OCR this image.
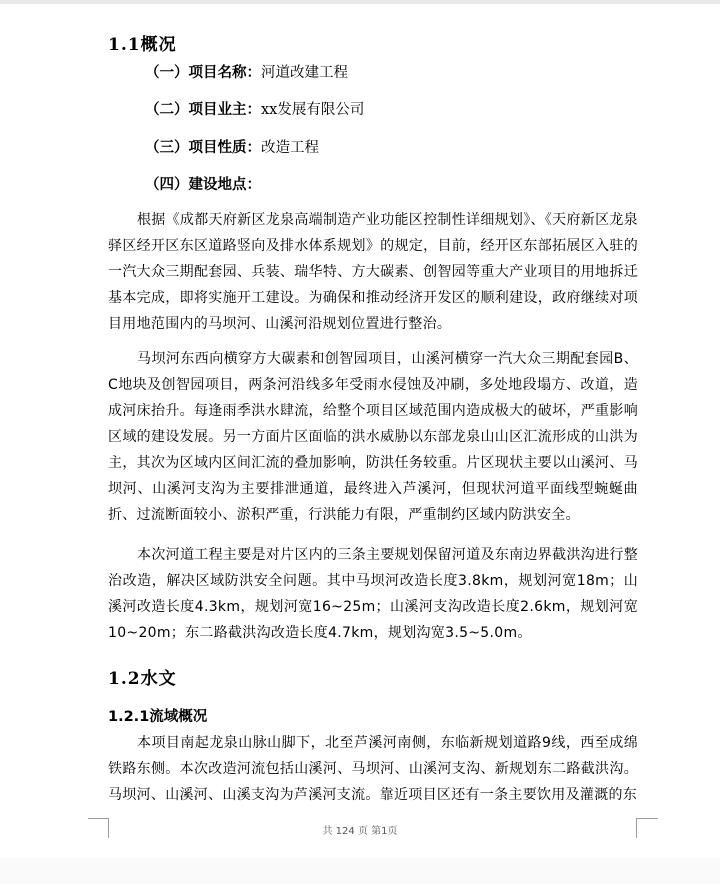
1.1概况

（一）项目名称：河道改建工程

（二）项目业主：xx发展有限公司

（三）项目性质：改造工程

（四）建设地点：

根据《成都天府新区龙泉高端制造产业功能区控制性详细规划》、《天府新区龙泉驿区经开区东区道路竖向及排水体系规划》的规定，目前，经开区东部拓展区入驻的一汽大众三期配套园、兵装、瑞华特、方大碳素、创智园等重大产业项目的用地拆迁基本完成，即将实施开工建设。为确保和推动经济开发区的顺利建设，政府继续对项目用地范围内的马坝河、山溪河沿规划位置进行整治。

马坝河东西向横穿方大碳素和创智园项目，山溪河横穿一汽大众三期配套园B、C地块及创智园项目，两条河沿线多年受雨水侵蚀及冲刷，多处地段塌方、改道，造成河床抬升。每逢雨季洪水肆流，给整个项目区域范围内造成极大的破坏，严重影响区域的建设发展。另一方面片区面临的洪水威胁以东部龙泉山山区汇流形成的山洪为主，其次为区域内区间汇流的叠加影响，防洪任务较重。片区现状主要以山溪河、马坝河、山溪河支沟为主要排泄通道，最终进入芦溪河，但现状河道平面线型蜿蜒曲折、过流断面较小、淤积严重，行洪能力有限，严重制约区域内防洪安全。

本次河道工程主要是对片区内的三条主要规划保留河道及东南边界截洪沟进行整治改造，解决区域防洪安全问题。其中马坝河改造长度3.8km，规划河宽18m；山溪河改造长度4.3km，规划河宽16~25m；山溪河支沟改造长度2.6km，规划河宽10~20m；东二路截洪沟改造长度4.7km，规划沟宽3.5~5.0m。

1.2水文
1.2.1流域概况

本项目南起龙泉山脉山脚下，北至芦溪河南侧，东临新规划道路9线，西至成绵铁路东侧。本次改造河流包括山溪河、马坝河、山溪河支沟、新规划东二路截洪沟。马坝河、山溪河、山溪支沟为芦溪河支流。靠近项目区还有一条主要饮用及灌溉的东

共 124 页 第1页
